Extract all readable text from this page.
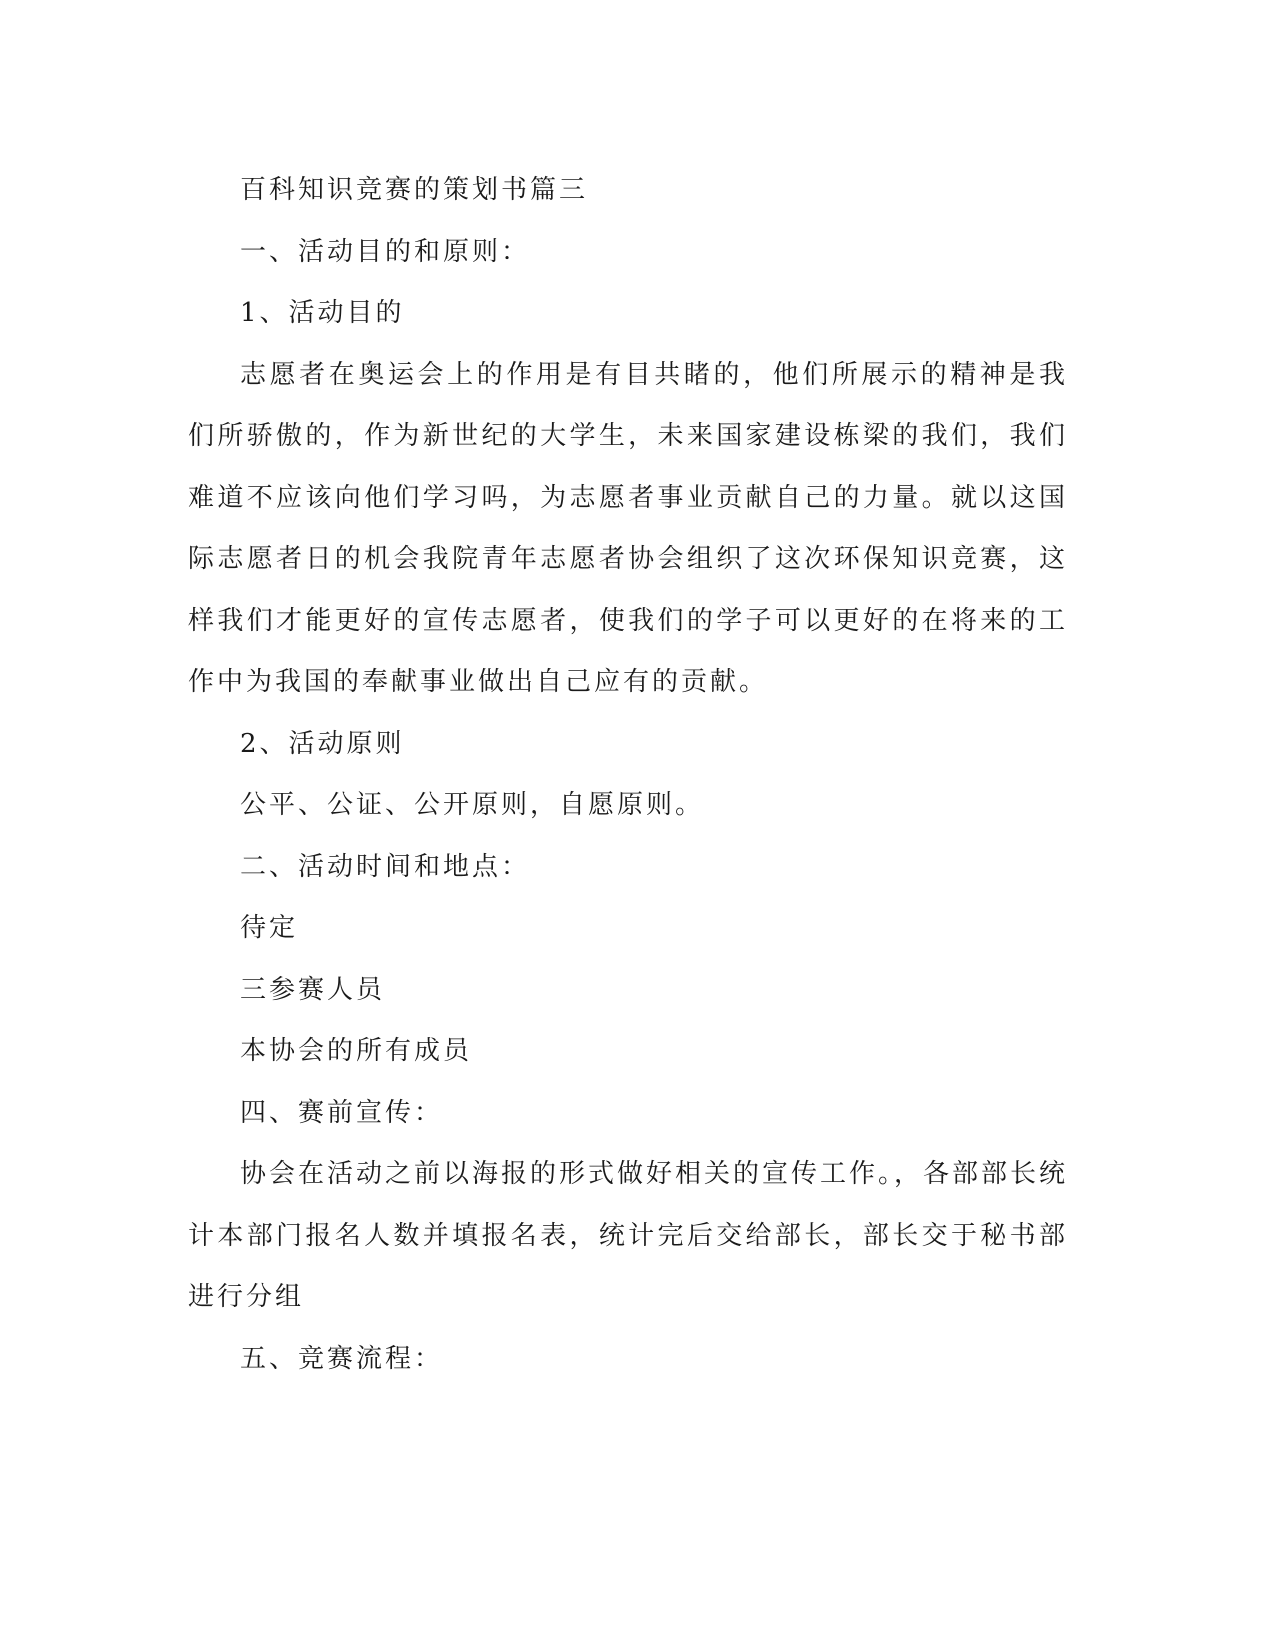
百科知识竞赛的策划书篇三

一、活动目的和原则：

1、活动目的

志愿者在奥运会上的作用是有目共睹的，他们所展示的精神是我们所骄傲的，作为新世纪的大学生，未来国家建设栋梁的我们，我们难道不应该向他们学习吗，为志愿者事业贡献自己的力量。就以这国际志愿者日的机会我院青年志愿者协会组织了这次环保知识竞赛，这样我们才能更好的宣传志愿者，使我们的学子可以更好的在将来的工作中为我国的奉献事业做出自己应有的贡献。

2、活动原则

公平、公证、公开原则，自愿原则。

二、活动时间和地点：

待定

三参赛人员

本协会的所有成员

四、赛前宣传：

协会在活动之前以海报的形式做好相关的宣传工作。，各部部长统计本部门报名人数并填报名表，统计完后交给部长，部长交于秘书部进行分组

五、竞赛流程：
